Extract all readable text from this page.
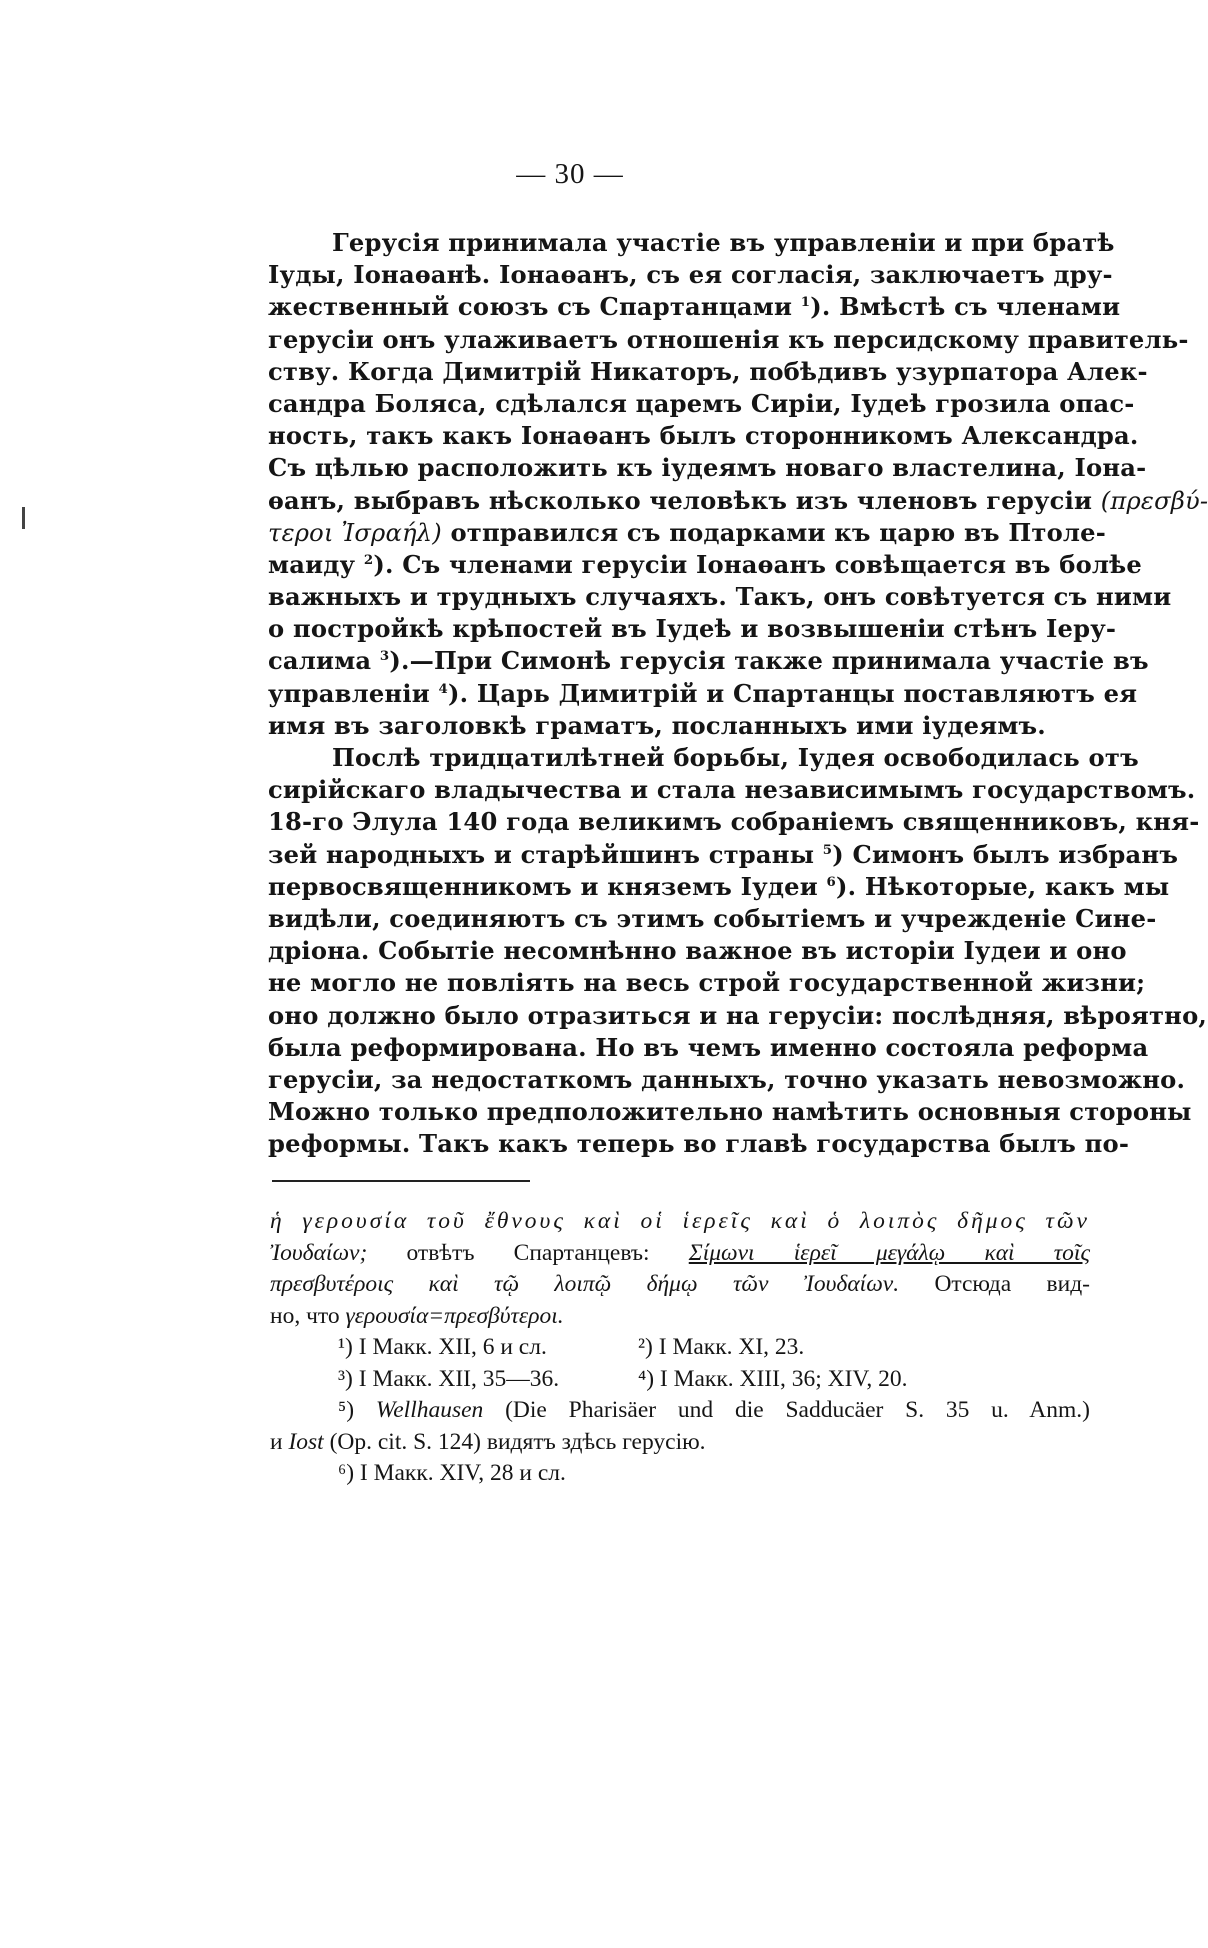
— 30 —
Герусія принимала участіе въ управленіи и при братѣ
Іуды, Іонаѳанѣ. Іонаѳанъ, съ ея согласія, заключаетъ дру-
жественный союзъ съ Спартанцами $^1$). Вмѣстѣ съ членами
герусіи онъ улаживаетъ отношенія къ персидскому правитель-
ству. Когда Димитрій Никаторъ, побѣдивъ узурпатора Алек-
сандра Боляса, сдѣлался царемъ Сиріи, Іудеѣ грозила опас-
ность, такъ какъ Іонаѳанъ былъ сторонникомъ Александра.
Съ цѣлью расположить къ іудеямъ новаго властелина, Іона-
ѳанъ, выбравъ нѣсколько человѣкъ изъ членовъ герусіи (πρεσβύ-
τεροι Ἰσραήλ) отправился съ подарками къ царю въ Птоле-
маиду $^2$). Съ членами герусіи Іонаѳанъ совѣщается въ болѣе
важныхъ и трудныхъ случаяхъ. Такъ, онъ совѣтуется съ ними
о постройкѣ крѣпостей въ Іудеѣ и возвышеніи стѣнъ Іеру-
салима $^3$).—При Симонѣ герусія также принимала участіе въ
управленіи $^4$). Царь Димитрій и Спартанцы поставляютъ ея
имя въ заголовкѣ граматъ, посланныхъ ими іудеямъ.
Послѣ тридцатилѣтней борьбы, Іудея освободилась отъ
сирійскаго владычества и стала независимымъ государствомъ.
18-го Элула 140 года великимъ собраніемъ священниковъ, кня-
зей народныхъ и старѣйшинъ страны $^5$) Симонъ былъ избранъ
первосвященникомъ и княземъ Іудеи $^6$). Нѣкоторые, какъ мы
видѣли, соединяютъ съ этимъ событіемъ и учрежденіе Сине-
дріона. Событіе несомнѣнно важное въ исторіи Іудеи и оно
не могло не повліять на весь строй государственной жизни;
оно должно было отразиться и на герусіи: послѣдняя, вѣроятно,
была реформирована. Но въ чемъ именно состояла реформа
герусіи, за недостаткомъ данныхъ, точно указать невозможно.
Можно только предположительно намѣтить основныя стороны
реформы. Такъ какъ теперь во главѣ государства былъ по-
ἡ γερουσία τοῦ ἔθνους καὶ οἱ ἱερεῖς καὶ ὁ λοιπὸς δῆμος τῶν
Ἰουδαίων; отвѣтъ Спартанцевъ: Σίμωνι ἱερεῖ μεγάλῳ καὶ τοῖς
πρεσβυτέροις καὶ τῷ λοιπῷ δήμῳ τῶν Ἰουδαίων. Отсюда вид-
но, что γερουσία=πρεσβύτεροι.
¹) I Макк. XII, 6 и сл.	²) I Макк. XI, 23.
³) I Макк. XII, 35—36.	⁴) I Макк. XIII, 36; XIV, 20.
⁵) Wellhausen (Die Pharisäer und die Sadducäer S. 35 u. Anm.)
и Iost (Op. cit. S. 124) видятъ здѣсь герусію.
⁶) I Макк. XIV, 28 и сл.
